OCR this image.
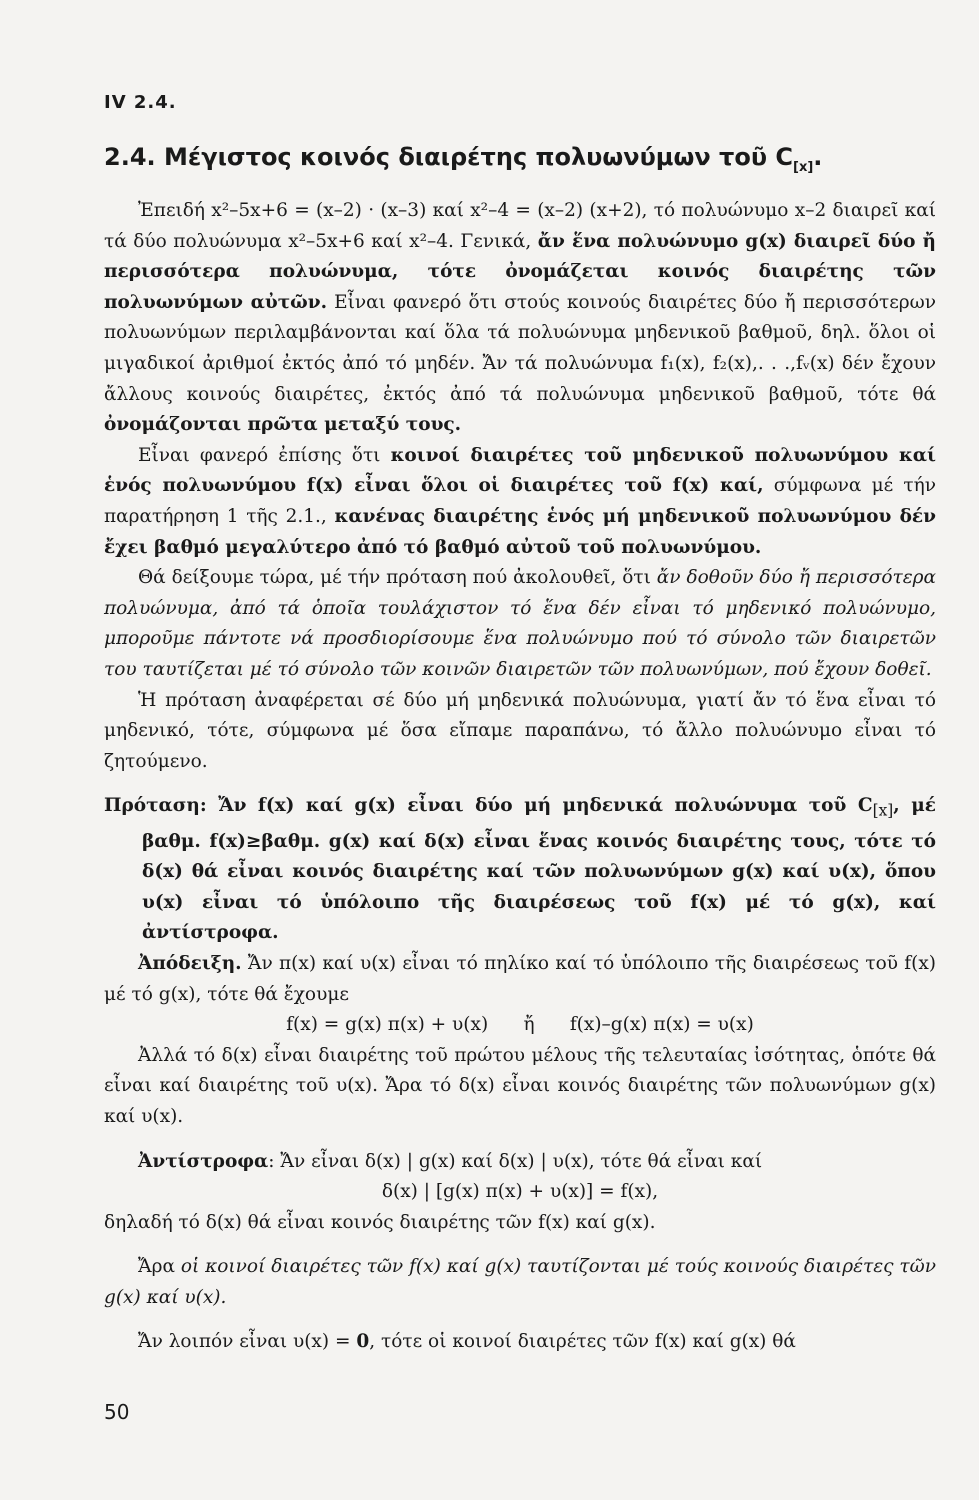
IV 2.4.
2.4. Μέγιστος κοινός διαιρέτης πολυωνύμων τοῦ $C_{[x]}$.

Ἐπειδή x²–5x+6 = (x–2) · (x–3) καί x²–4 = (x–2) (x+2), τό πολυώνυμο x–2 διαιρεῖ καί τά δύο πολυώνυμα x²–5x+6 καί x²–4. Γενικά, ἄν ἕνα πολυώνυμο g(x) διαιρεῖ δύο ἤ περισσότερα πολυώνυμα, τότε ὀνομάζεται κοινός διαιρέτης τῶν πολυωνύμων αὐτῶν. Εἶναι φανερό ὅτι στούς κοινούς διαιρέτες δύο ἤ περισσότερων πολυωνύμων περιλαμβάνονται καί ὅλα τά πολυώνυμα μηδενικοῦ βαθμοῦ, δηλ. ὅλοι οἱ μιγαδικοί ἀριθμοί ἐκτός ἀπό τό μηδέν. Ἄν τά πολυώνυμα f₁(x), f₂(x),. . .,fᵥ(x) δέν ἔχουν ἄλλους κοινούς διαιρέτες, ἐκτός ἀπό τά πολυώνυμα μηδενικοῦ βαθμοῦ, τότε θά ὀνομάζονται πρῶτα μεταξύ τους.

Εἶναι φανερό ἐπίσης ὅτι κοινοί διαιρέτες τοῦ μηδενικοῦ πολυωνύμου καί ἑνός πολυωνύμου f(x) εἶναι ὅλοι οἱ διαιρέτες τοῦ f(x) καί, σύμφωνα μέ τήν παρατήρηση 1 τῆς 2.1., κανένας διαιρέτης ἑνός μή μηδενικοῦ πολυωνύμου δέν ἔχει βαθμό μεγαλύτερο ἀπό τό βαθμό αὐτοῦ τοῦ πολυωνύμου.

Θά δείξουμε τώρα, μέ τήν πρόταση πού ἀκολουθεῖ, ὅτι ἄν δοθοῦν δύο ἤ περισσότερα πολυώνυμα, ἀπό τά ὁποῖα τουλάχιστον τό ἕνα δέν εἶναι τό μηδενικό πολυώνυμο, μποροῦμε πάντοτε νά προσδιορίσουμε ἕνα πολυώνυμο πού τό σύνολο τῶν διαιρετῶν του ταυτίζεται μέ τό σύνολο τῶν κοινῶν διαιρετῶν τῶν πολυωνύμων, πού ἔχουν δοθεῖ.

Ἡ πρόταση ἀναφέρεται σέ δύο μή μηδενικά πολυώνυμα, γιατί ἄν τό ἕνα εἶναι τό μηδενικό, τότε, σύμφωνα μέ ὅσα εἴπαμε παραπάνω, τό ἄλλο πολυώνυμο εἶναι τό ζητούμενο.

Πρόταση: Ἄν f(x) καί g(x) εἶναι δύο μή μηδενικά πολυώνυμα τοῦ $C_{[x]}$, μέ βαθμ. f(x)≥βαθμ. g(x) καί δ(x) εἶναι ἕνας κοινός διαιρέτης τους, τότε τό δ(x) θά εἶναι κοινός διαιρέτης καί τῶν πολυωνύμων g(x) καί υ(x), ὅπου υ(x) εἶναι τό ὑπόλοιπο τῆς διαιρέσεως τοῦ f(x) μέ τό g(x), καί ἀντίστροφα.

Ἀπόδειξη. Ἄν π(x) καί υ(x) εἶναι τό πηλίκο καί τό ὑπόλοιπο τῆς διαιρέσεως τοῦ f(x) μέ τό g(x), τότε θά ἔχουμε

f(x) = g(x) π(x) + υ(x)      ἤ      f(x)–g(x) π(x) = υ(x)

Ἀλλά τό δ(x) εἶναι διαιρέτης τοῦ πρώτου μέλους τῆς τελευταίας ἰσότητας, ὁπότε θά εἶναι καί διαιρέτης τοῦ υ(x). Ἄρα τό δ(x) εἶναι κοινός διαιρέτης τῶν πολυωνύμων g(x) καί υ(x).

Ἀντίστροφα: Ἄν εἶναι δ(x) | g(x) καί δ(x) | υ(x), τότε θά εἶναι καί

δ(x) | [g(x) π(x) + υ(x)] = f(x),

δηλαδή τό δ(x) θά εἶναι κοινός διαιρέτης τῶν f(x) καί g(x).

Ἄρα οἱ κοινοί διαιρέτες τῶν f(x) καί g(x) ταυτίζονται μέ τούς κοινούς διαιρέτες τῶν g(x) καί υ(x).

Ἄν λοιπόν εἶναι υ(x) = 0, τότε οἱ κοινοί διαιρέτες τῶν f(x) καί g(x) θά

50
